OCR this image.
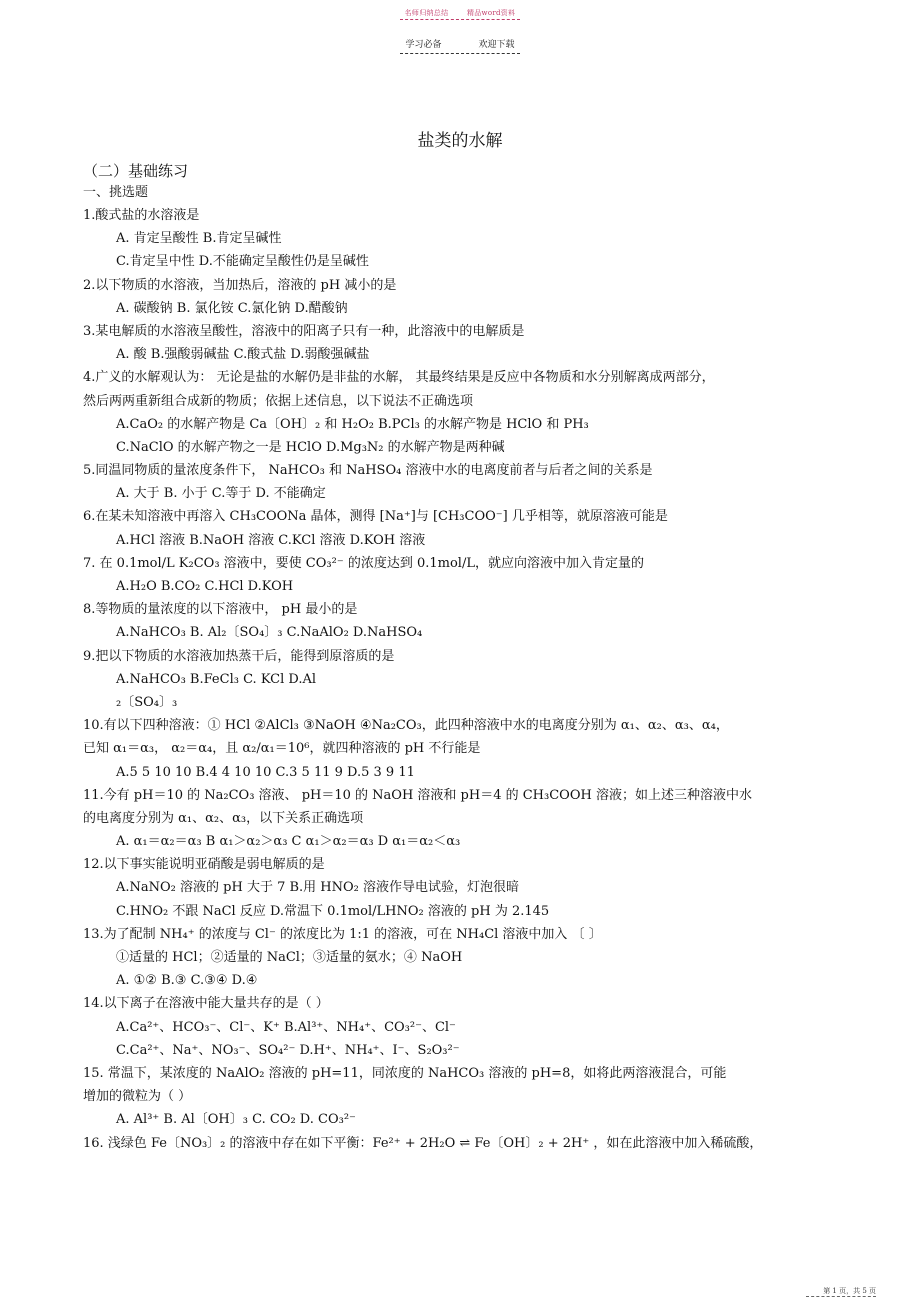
名师归纳总结	精品word资料
学习必备	欢迎下载
盐类的水解
（二）基础练习
一、挑选题
1.酸式盐的水溶液是
A. 肯定呈酸性 B.肯定呈碱性
C.肯定呈中性 D.不能确定呈酸性仍是呈碱性
2.以下物质的水溶液，当加热后，溶液的 pH 减小的是
A. 碳酸钠 B. 氯化铵 C.氯化钠 D.醋酸钠
3.某电解质的水溶液呈酸性，溶液中的阳离子只有一种，此溶液中的电解质是
A. 酸 B.强酸弱碱盐 C.酸式盐 D.弱酸强碱盐
4.广义的水解观认为： 无论是盐的水解仍是非盐的水解， 其最终结果是反应中各物质和水分别解离成两部分，
然后两两重新组合成新的物质；依据上述信息，以下说法不正确选项
A.CaO₂ 的水解产物是 Ca〔OH〕₂ 和 H₂O₂ B.PCl₃ 的水解产物是 HClO 和 PH₃
C.NaClO 的水解产物之一是 HClO D.Mg₃N₂ 的水解产物是两种碱
5.同温同物质的量浓度条件下， NaHCO₃ 和 NaHSO₄ 溶液中水的电离度前者与后者之间的关系是
A. 大于 B. 小于 C.等于 D. 不能确定
6.在某未知溶液中再溶入 CH₃COONa 晶体，测得 [Na⁺]与 [CH₃COO⁻] 几乎相等，就原溶液可能是
A.HCl 溶液 B.NaOH 溶液 C.KCl 溶液 D.KOH 溶液
7. 在 0.1mol/L K₂CO₃ 溶液中，要使 CO₃²⁻ 的浓度达到 0.1mol/L，就应向溶液中加入肯定量的
A.H₂O B.CO₂ C.HCl D.KOH
8.等物质的量浓度的以下溶液中， pH 最小的是
A.NaHCO₃ B. Al₂〔SO₄〕₃ C.NaAlO₂ D.NaHSO₄
9.把以下物质的水溶液加热蒸干后，能得到原溶质的是
A.NaHCO₃ B.FeCl₃ C. KCl D.Al
₂〔SO₄〕₃
10.有以下四种溶液：① HCl ②AlCl₃ ③NaOH ④Na₂CO₃，此四种溶液中水的电离度分别为 α₁、α₂、α₃、α₄，
已知 α₁＝α₃， α₂＝α₄，且 α₂/α₁＝10⁶，就四种溶液的 pH 不行能是
A.5 5 10 10 B.4 4 10 10 C.3 5 11 9 D.5 3 9 11
11.今有 pH＝10 的 Na₂CO₃ 溶液、 pH＝10 的 NaOH 溶液和 pH＝4 的 CH₃COOH 溶液；如上述三种溶液中水
的电离度分别为 α₁、α₂、α₃，以下关系正确选项
A. α₁＝α₂＝α₃ B α₁＞α₂＞α₃ C α₁＞α₂＝α₃ D α₁＝α₂＜α₃
12.以下事实能说明亚硝酸是弱电解质的是
A.NaNO₂ 溶液的 pH 大于 7 B.用 HNO₂ 溶液作导电试验，灯泡很暗
C.HNO₂ 不跟 NaCl 反应 D.常温下 0.1mol/LHNO₂ 溶液的 pH 为 2.145
13.为了配制 NH₄⁺ 的浓度与 Cl⁻ 的浓度比为 1:1 的溶液，可在 NH₄Cl 溶液中加入 〔 〕
①适量的 HCl；②适量的 NaCl；③适量的氨水；④ NaOH
A. ①② B.③ C.③④ D.④
14.以下离子在溶液中能大量共存的是（ ）
A.Ca²⁺、HCO₃⁻、Cl⁻、K⁺ B.Al³⁺、NH₄⁺、CO₃²⁻、Cl⁻
C.Ca²⁺、Na⁺、NO₃⁻、SO₄²⁻ D.H⁺、NH₄⁺、I⁻、S₂O₃²⁻
15. 常温下，某浓度的 NaAlO₂ 溶液的 pH=11，同浓度的 NaHCO₃ 溶液的 pH=8，如将此两溶液混合，可能
增加的微粒为（ ）
A. Al³⁺ B. Al〔OH〕₃ C. CO₂ D. CO₃²⁻
16. 浅绿色 Fe〔NO₃〕₂ 的溶液中存在如下平衡：Fe²⁺ + 2H₂O ⇌ Fe〔OH〕₂ + 2H⁺ ，如在此溶液中加入稀硫酸，
第 1 页，共 5 页
